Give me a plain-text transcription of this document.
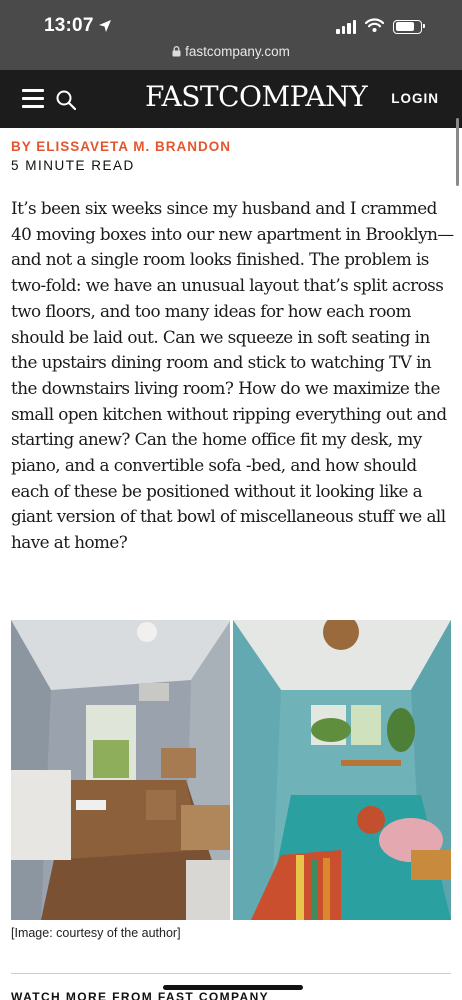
13:07
fastcompany.com
FASTCOMPANY LOGIN
BY ELISSAVETA M. BRANDON
5 MINUTE READ

It’s been six weeks since my husband and I crammed 40 moving boxes into our new apartment in Brooklyn—and not a single room looks finished. The problem is two-fold: we have an unusual layout that’s split across two floors, and too many ideas for how each room should be laid out. Can we squeeze in soft seating in the upstairs dining room and stick to watching TV in the downstairs living room? How do we maximize the small open kitchen without ripping everything out and starting anew? Can the home office fit my desk, my piano, and a convertible sofa -bed, and how should each of these be positioned without it looking like a giant version of that bowl of miscellaneous stuff we all have at home?

[Image: courtesy of the author]
WATCH MORE FROM FAST COMPANY
